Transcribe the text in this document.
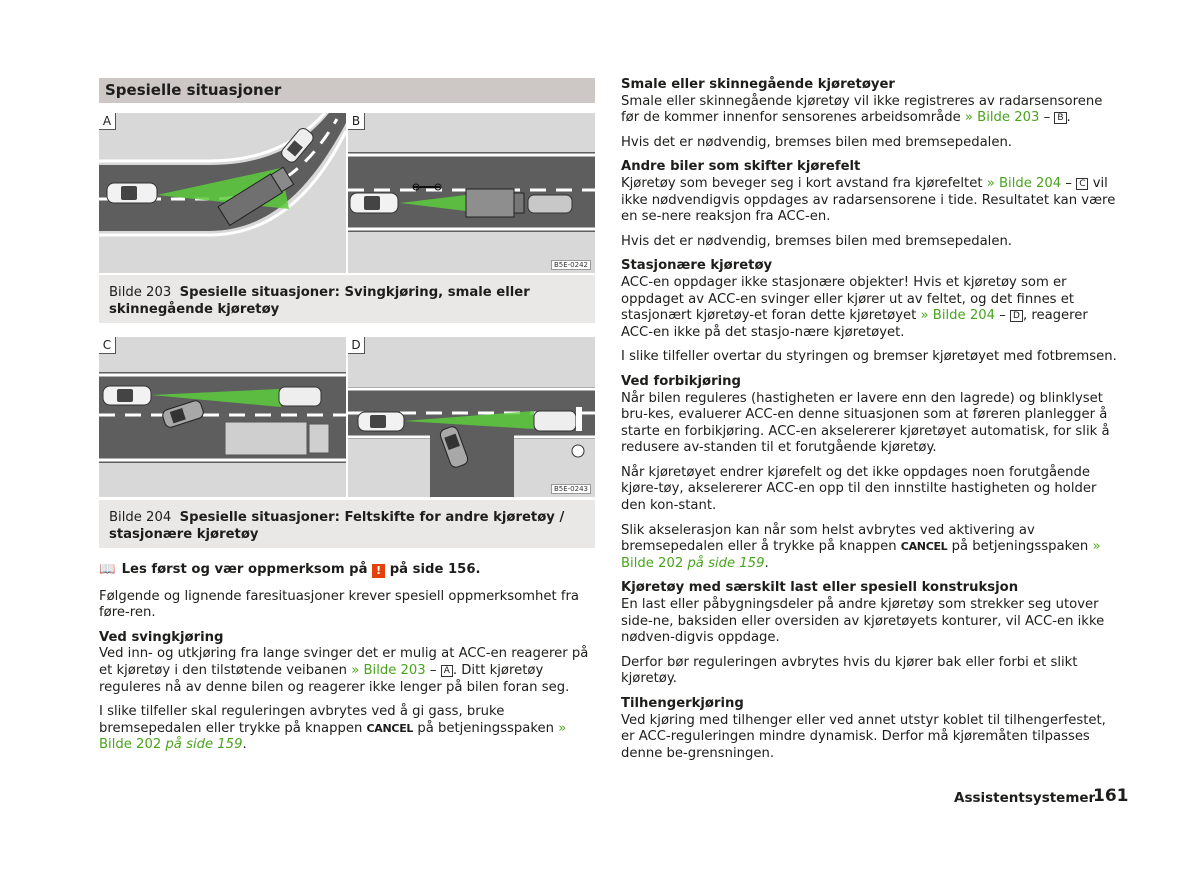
Spesielle situasjoner
A	B
B5E-0242

Bilde 203 Spesielle situasjoner: Svingkjøring, smale eller skinnegående kjøretøy

C	D
B5E-0243

Bilde 204 Spesielle situasjoner: Feltskifte for andre kjøretøy / stasjonære kjøretøy

📖 Les først og vær oppmerksom på ! på side 156.

Følgende og lignende faresituasjoner krever spesiell oppmerksomhet fra føre-ren.

Ved svingkjøring

Ved inn- og utkjøring fra lange svinger det er mulig at ACC-en reagerer på et kjøretøy i den tilstøtende veibanen » Bilde 203 – A . Ditt kjøretøy reguleres nå av denne bilen og reagerer ikke lenger på bilen foran seg.

I slike tilfeller skal reguleringen avbrytes ved å gi gass, bruke bremsepedalen eller trykke på knappen CANCEL på betjeningsspaken » Bilde 202 på side 159.

Smale eller skinnegående kjøretøyer

Smale eller skinnegående kjøretøy vil ikke registreres av radarsensorene før de kommer innenfor sensorenes arbeidsområde » Bilde 203 – B .

Hvis det er nødvendig, bremses bilen med bremsepedalen.

Andre biler som skifter kjørefelt

Kjøretøy som beveger seg i kort avstand fra kjørefeltet » Bilde 204 – C vil ikke nødvendigvis oppdages av radarsensorene i tide. Resultatet kan være en se-nere reaksjon fra ACC-en.

Hvis det er nødvendig, bremses bilen med bremsepedalen.

Stasjonære kjøretøy

ACC-en oppdager ikke stasjonære objekter! Hvis et kjøretøy som er oppdaget av ACC-en svinger eller kjører ut av feltet, og det finnes et stasjonært kjøretøy-et foran dette kjøretøyet » Bilde 204 – D , reagerer ACC-en ikke på det stasjo-nære kjøretøyet.

I slike tilfeller overtar du styringen og bremser kjøretøyet med fotbremsen.

Ved forbikjøring

Når bilen reguleres (hastigheten er lavere enn den lagrede) og blinklyset bru-kes, evaluerer ACC-en denne situasjonen som at føreren planlegger å starte en forbikjøring. ACC-en akselererer kjøretøyet automatisk, for slik å redusere av-standen til et forutgående kjøretøy.

Når kjøretøyet endrer kjørefelt og det ikke oppdages noen forutgående kjøre-tøy, akselererer ACC-en opp til den innstilte hastigheten og holder den kon-stant.

Slik akselerasjon kan når som helst avbrytes ved aktivering av bremsepedalen eller å trykke på knappen CANCEL på betjeningsspaken » Bilde 202 på side 159.

Kjøretøy med særskilt last eller spesiell konstruksjon

En last eller påbygningsdeler på andre kjøretøy som strekker seg utover side-ne, baksiden eller oversiden av kjøretøyets konturer, vil ACC-en ikke nødven-digvis oppdage.

Derfor bør reguleringen avbrytes hvis du kjører bak eller forbi et slikt kjøretøy.

Tilhengerkjøring

Ved kjøring med tilhenger eller ved annet utstyr koblet til tilhengerfestet, er ACC-reguleringen mindre dynamisk. Derfor må kjøremåten tilpasses denne be-grensningen.

Assistentsystemer
161
